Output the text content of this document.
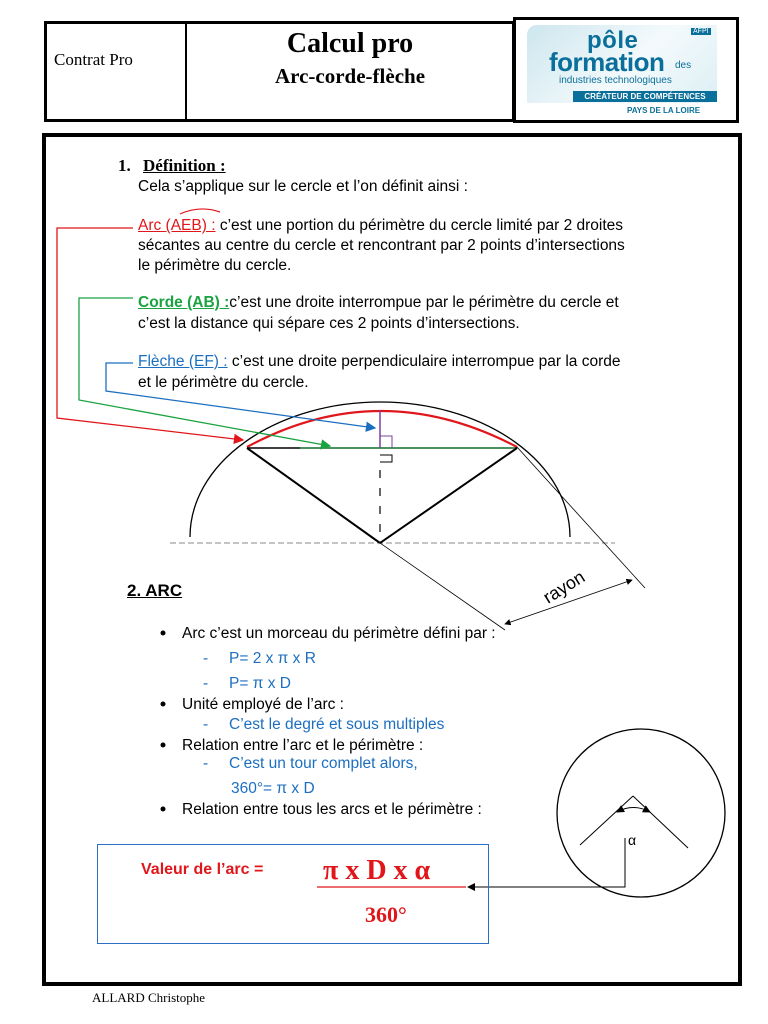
Contrat Pro
Calcul pro
Arc-corde-flèche
AFPI
pôle
formation des
industries technologiques
CRÉATEUR DE COMPÉTENCES
PAYS DE LA LOIRE
1. Définition :
Cela s’applique sur le cercle et l’on définit ainsi :
Arc (AEB) : c’est une portion du périmètre du cercle limité par 2 droites
sécantes au centre du cercle et rencontrant par 2 points d’intersections
le périmètre du cercle.
Corde (AB) :c’est une droite interrompue par le périmètre du cercle et
c’est la distance qui sépare ces 2 points d’intersections.
Flèche (EF) : c’est une droite perpendiculaire interrompue par la corde
et le périmètre du cercle.
rayon
α
2. ARC
Arc c’est un morceau du périmètre défini par :
- P= 2 x π x R
- P= π x D
Unité employé de l’arc :
- C’est le degré et sous multiples
Relation entre l’arc et le périmètre :
- C’est un tour complet alors,
360°= π x D
Relation entre tous les arcs et le périmètre :
Valeur de l’arc = π x D x α
360°
ALLARD Christophe
